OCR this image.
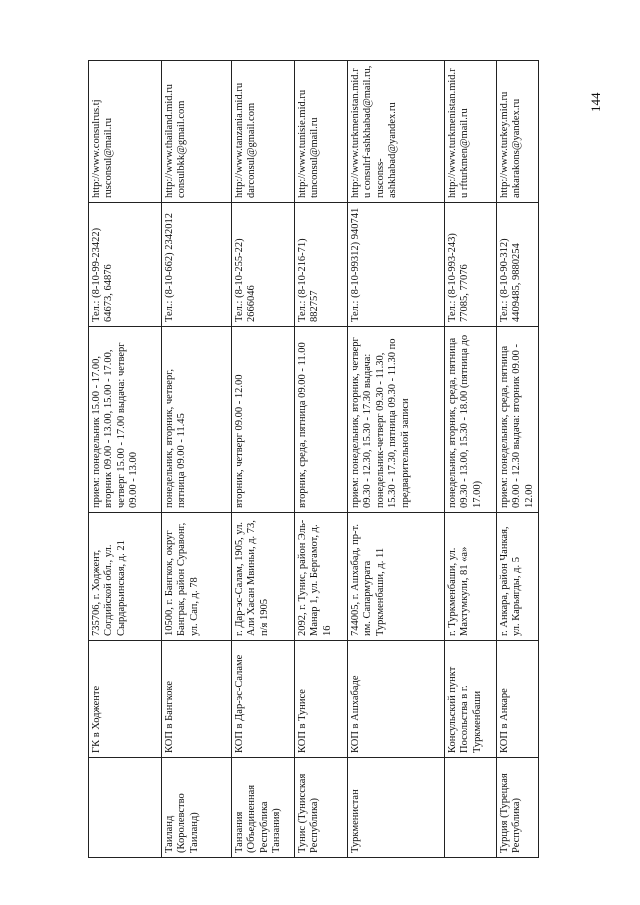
144

	ГК в Ходженте	735706, г. Ходжент, Согдийской обл., ул. Сырдарьинская, д. 21	прием: понедельник 15.00 - 17.00, вторник 09.00 - 13.00, 15.00 - 17.00, четверг 15.00 - 17.00 выдача: четверг 09.00 - 13.00	Тел.: (8-10-99-23422) 64673, 64876	http://www.consulrus.tj rusconsul@mail.ru

Таиланд (Королевство Таиланд)	КОП в Бангкоке	10500, г. Бангкок, округ Банграк, район Суравонг, ул. Сап, д. 78	понедельник, вторник, четверг, пятница 09.00 - 11.45	Тел.: (8-10-662) 2342012	http://www.thailand.mid.ru consulbkk@gmail.com

Танзания (Объединенная Республика Танзания)	КОП в Дар-эс-Саламе	г. Дар-эс-Салам, 1905, ул. Али Хасан Мвиньи, д. 73, п/я 1905	вторник, четверг 09.00 - 12.00	Тел.: (8-10-255-22) 2666046	http://www.tanzania.mid.ru darconsul@gmail.com

Тунис (Тунисская Республика)	КОП в Тунисе	2092, г. Тунис, район Эль-Манар 1, ул. Бергамот, д. 16	вторник, среда, пятница 09.00 - 11.00	Тел.: (8-10-216-71) 882757	http://www.tunisie.mid.ru tunconsul@mail.ru

Туркменистан	КОП в Ашхабаде	744005, г. Ашхабад, пр-т. им. Сапармурата Туркменбаши, д. 11	прием: понедельник, вторник, четверг 09.30 - 12.30, 15.30 - 17.30 выдача: понедельник-четверг 09.30 - 11.30, 15.30 - 17.30, пятница 09.30 - 11.30 по предварительной записи	Тел.: (8-10-99312) 940741	http://www.turkmenistan.mid.ru consulrf-ashkhabad@mail.ru, rusconss-ashkhabad@yandex.ru

	Консульский пункт Посольства в г. Туркменбаши	г. Туркменбаши, ул. Махтумкули, 81 «а»	понедельник, вторник, среда, пятница 09.30 - 13.00, 15.30 - 18.00 (пятница до 17.00)	Тел.: (8-10-993-243) 77085, 77076	http://www.turkmenistan.mid.ru rfturkmen@mail.ru

Турция (Турецкая Республика)	КОП в Анкаре	г. Анкара, район Чанкая, ул. Карьягды, д. 5	прием: понедельник, среда, пятница 09.00 - 12.30 выдача: вторник 09.00 - 12.00	Тел.: (8-10-90-312) 4409485, 9880254	http://www.turkey.mid.ru ankarakons@yandex.ru
